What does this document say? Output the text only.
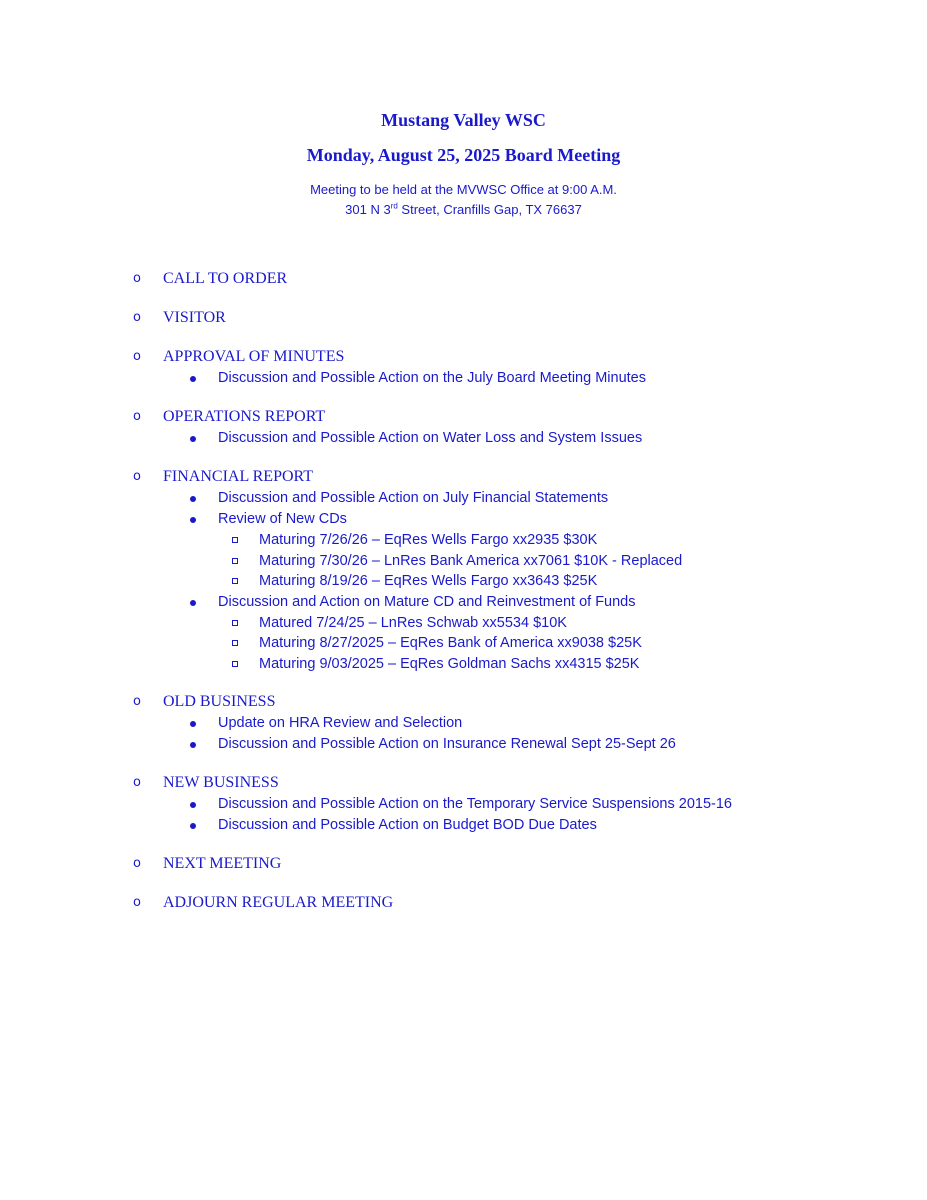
Mustang Valley WSC
Monday, August 25, 2025 Board Meeting
Meeting to be held at the MVWSC Office at 9:00 A.M.
301 N 3rd Street, Cranfills Gap, TX 76637
o CALL TO ORDER
o VISITOR
o APPROVAL OF MINUTES
Discussion and Possible Action on the July Board Meeting Minutes
o OPERATIONS REPORT
Discussion and Possible Action on Water Loss and System Issues
o FINANCIAL REPORT
Discussion and Possible Action on July Financial Statements
Review of New CDs
Maturing 7/26/26 – EqRes Wells Fargo xx2935 $30K
Maturing 7/30/26 – LnRes Bank America xx7061 $10K - Replaced
Maturing 8/19/26 – EqRes Wells Fargo xx3643 $25K
Discussion and Action on Mature CD and Reinvestment of Funds
Matured 7/24/25 – LnRes Schwab xx5534 $10K
Maturing 8/27/2025 – EqRes Bank of America xx9038 $25K
Maturing 9/03/2025 – EqRes Goldman Sachs xx4315 $25K
o OLD BUSINESS
Update on HRA Review and Selection
Discussion and Possible Action on Insurance Renewal Sept 25-Sept 26
o NEW BUSINESS
Discussion and Possible Action on the Temporary Service Suspensions 2015-16
Discussion and Possible Action on Budget BOD Due Dates
o NEXT MEETING
o ADJOURN REGULAR MEETING
